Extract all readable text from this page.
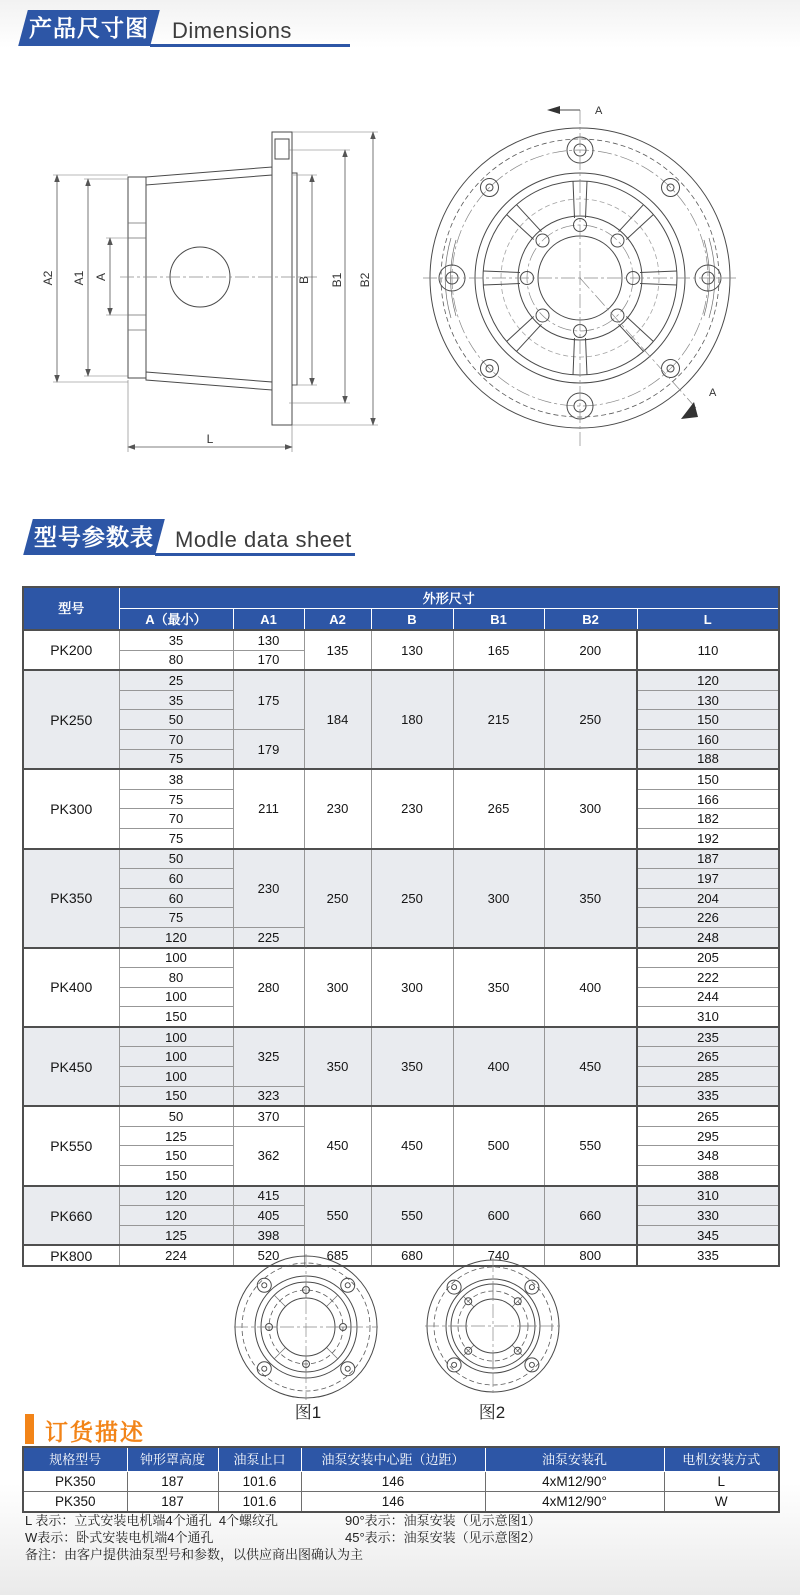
产品尺寸图	Dimensions
A2 A1 A	B B1 B2
L
A
A
型号参数表 Modle data sheet
型号	外形尺寸						
	A（最小）	A1	A2	B	B1	B2	L
PK200	35	130	135	130	165	200	110
	80	170					
PK250	25	175	184	180	215	250	120
	35						130
	50						150
	70	179					160
	75						188
PK300	38	211	230	230	265	300	150
	75						166
	70						182
	75						192
PK350	50	230	250	250	300	350	187
	60						197
	60						204
	75						226
	120	225					248
PK400	100	280	300	300	350	400	205
	80						222
	100						244
	150						310
PK450	100	325	350	350	400	450	235
	100						265
	100						285
	150	323					335
PK550	50	370	450	450	500	550	265
	125	362					295
	150						348
	150						388
PK660	120	415	550	550	600	660	310
	120	405					330
	125	398					345
PK800	224	520	685	680	740	800	335
图1	图2
订货描述
规格型号	钟形罩高度	油泵止口	油泵安装中心距（边距）	油泵安装孔	电机安装方式
PK350	187	101.6	146	4xM12/90°	L
PK350	187	101.6	146	4xM12/90°	W
L 表示：立式安装电机端4个通孔  4个螺纹孔	90°表示：油泵安装（见示意图1）
W表示：卧式安装电机端4个通孔	45°表示：油泵安装（见示意图2）
备注：由客户提供油泵型号和参数，以供应商出图确认为主
